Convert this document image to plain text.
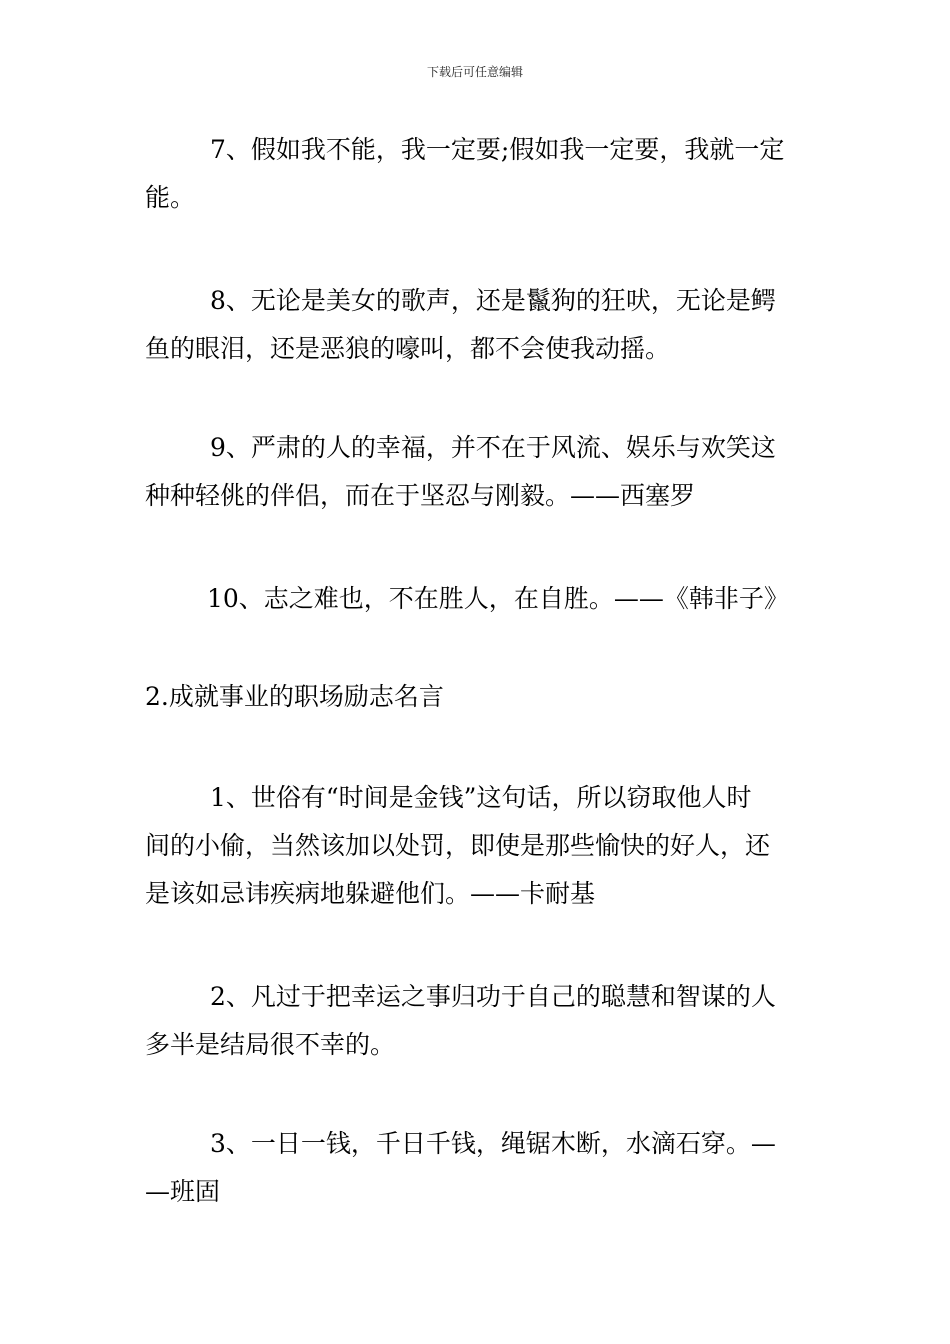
下载后可任意编辑
7、假如我不能，我一定要;假如我一定要，我就一定
能。
8、无论是美女的歌声，还是鬣狗的狂吠，无论是鳄
鱼的眼泪，还是恶狼的嚎叫，都不会使我动摇。
9、严肃的人的幸福，并不在于风流、娱乐与欢笑这
种种轻佻的伴侣，而在于坚忍与刚毅。——西塞罗
10、志之难也，不在胜人，在自胜。——《韩非子》
2.成就事业的职场励志名言
1、世俗有“时间是金钱”这句话，所以窃取他人时
间的小偷，当然该加以处罚，即使是那些愉快的好人，还
是该如忌讳疾病地躲避他们。——卡耐基
2、凡过于把幸运之事归功于自己的聪慧和智谋的人
多半是结局很不幸的。
3、一日一钱，千日千钱，绳锯木断，水滴石穿。—
—班固
